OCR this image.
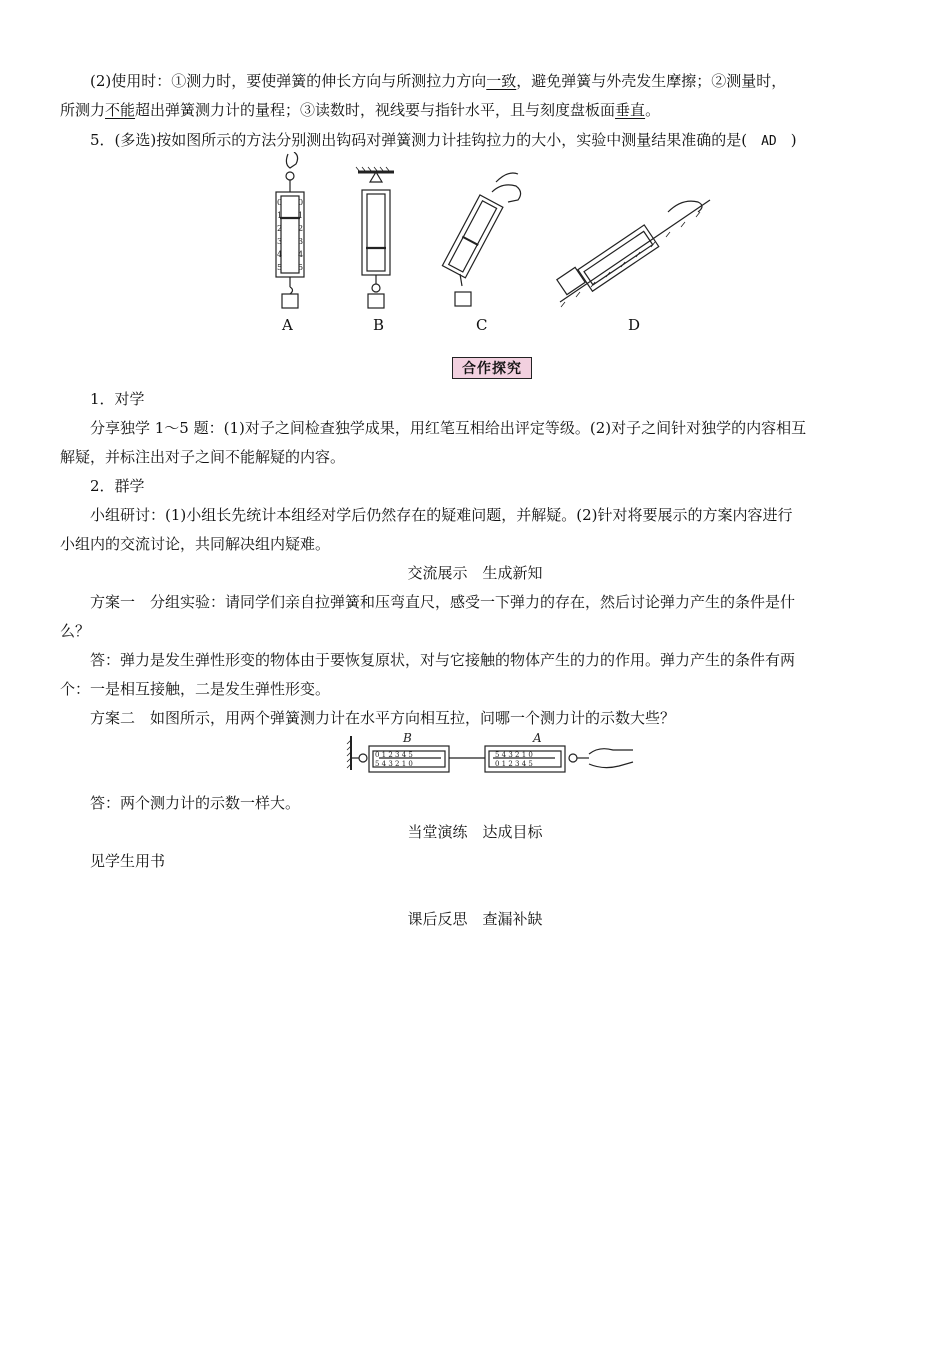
(2)使用时：①测力时，要使弹簧的伸长方向与所测拉力方向一致，避免弹簧与外壳发生摩擦；②测量时，
所测力不能超出弹簧测力计的量程；③读数时，视线要与指针水平，且与刻度盘板面垂直。
5．(多选)按如图所示的方法分别测出钩码对弹簧测力计挂钩拉力的大小，实验中测量结果准确的是( AD )
0
1
2
3
4
5
0
1
2
3
4
5
A	B	C	D
合作探究
1．对学
分享独学 1～5 题：(1)对子之间检查独学成果，用红笔互相给出评定等级。(2)对子之间针对独学的内容相互
解疑，并标注出对子之间不能解疑的内容。
2．群学
小组研讨：(1)小组长先统计本组经对学后仍然存在的疑难问题，并解疑。(2)针对将要展示的方案内容进行
小组内的交流讨论，共同解决组内疑难。
交流展示　生成新知
方案一　分组实验：请同学们亲自拉弹簧和压弯直尺，感受一下弹力的存在，然后讨论弹力产生的条件是什
么？
答：弹力是发生弹性形变的物体由于要恢复原状，对与它接触的物体产生的力的作用。弹力产生的条件有两
个：一是相互接触，二是发生弹性形变。
方案二　如图所示，用两个弹簧测力计在水平方向相互拉，问哪一个测力计的示数大些？
0 1 2 3 4 5
5 4 3 2 1 0
5 4 3 2 1 0
0 1 2 3 4 5
B	A
答：两个测力计的示数一样大。
当堂演练　达成目标
见学生用书
课后反思　查漏补缺
